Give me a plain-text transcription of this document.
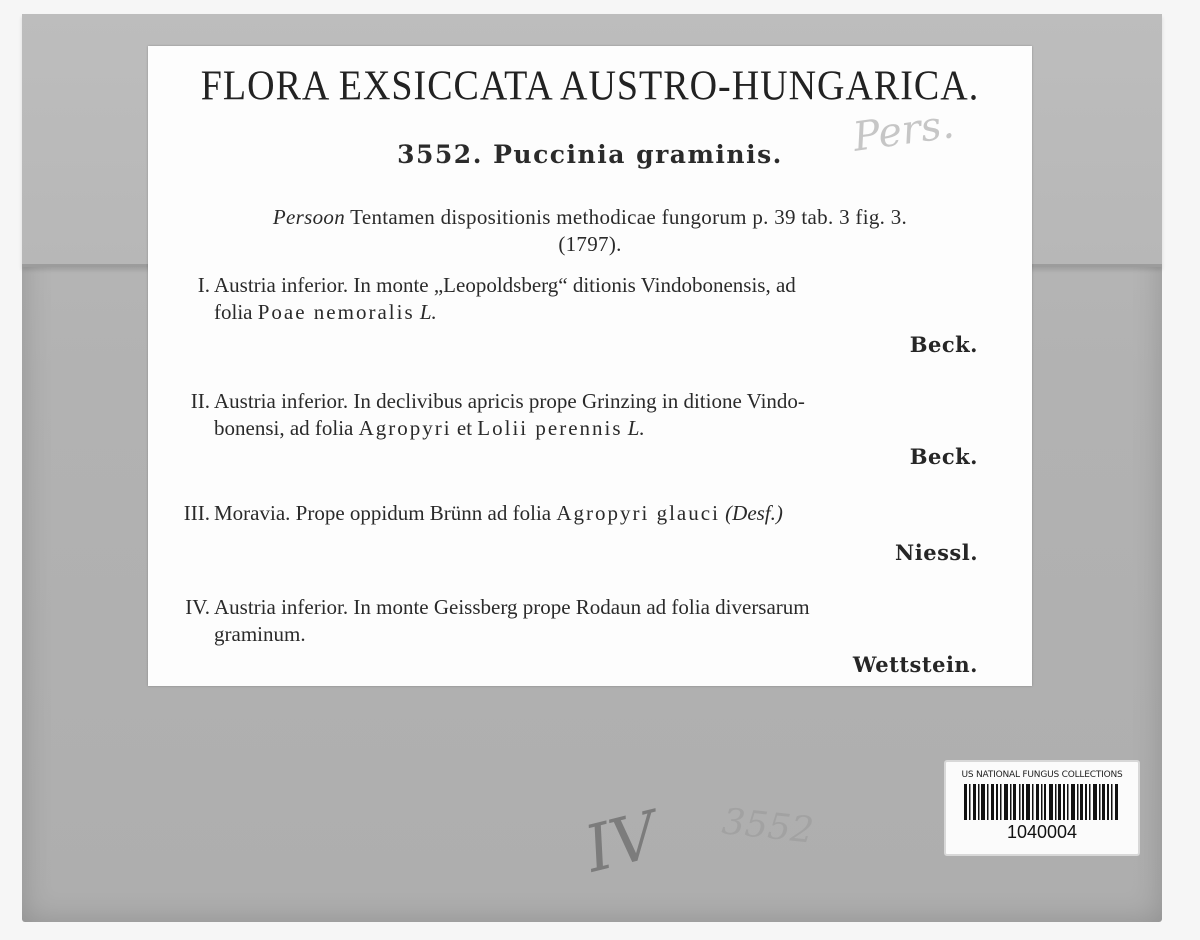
FLORA EXSICCATA AUSTRO-HUNGARICA.
Pers.
3552. Puccinia graminis.
Persoon Tentamen dispositionis methodicae fungorum p. 39 tab. 3 fig. 3.
(1797).
I. Austria inferior. In monte „Leopoldsberg“ ditionis Vindobonensis, ad
folia Poae nemoralis L.
Beck.
II. Austria inferior. In declivibus apricis prope Grinzing in ditione Vindo-
bonensi, ad folia Agropyri et Lolii perennis L.
Beck.
III. Moravia. Prope oppidum Brünn ad folia Agropyri glauci (Desf.)
Niessl.
IV. Austria inferior. In monte Geissberg prope Rodaun ad folia diversarum
graminum.
Wettstein.
US NATIONAL FUNGUS COLLECTIONS
1040004
IV 3552
